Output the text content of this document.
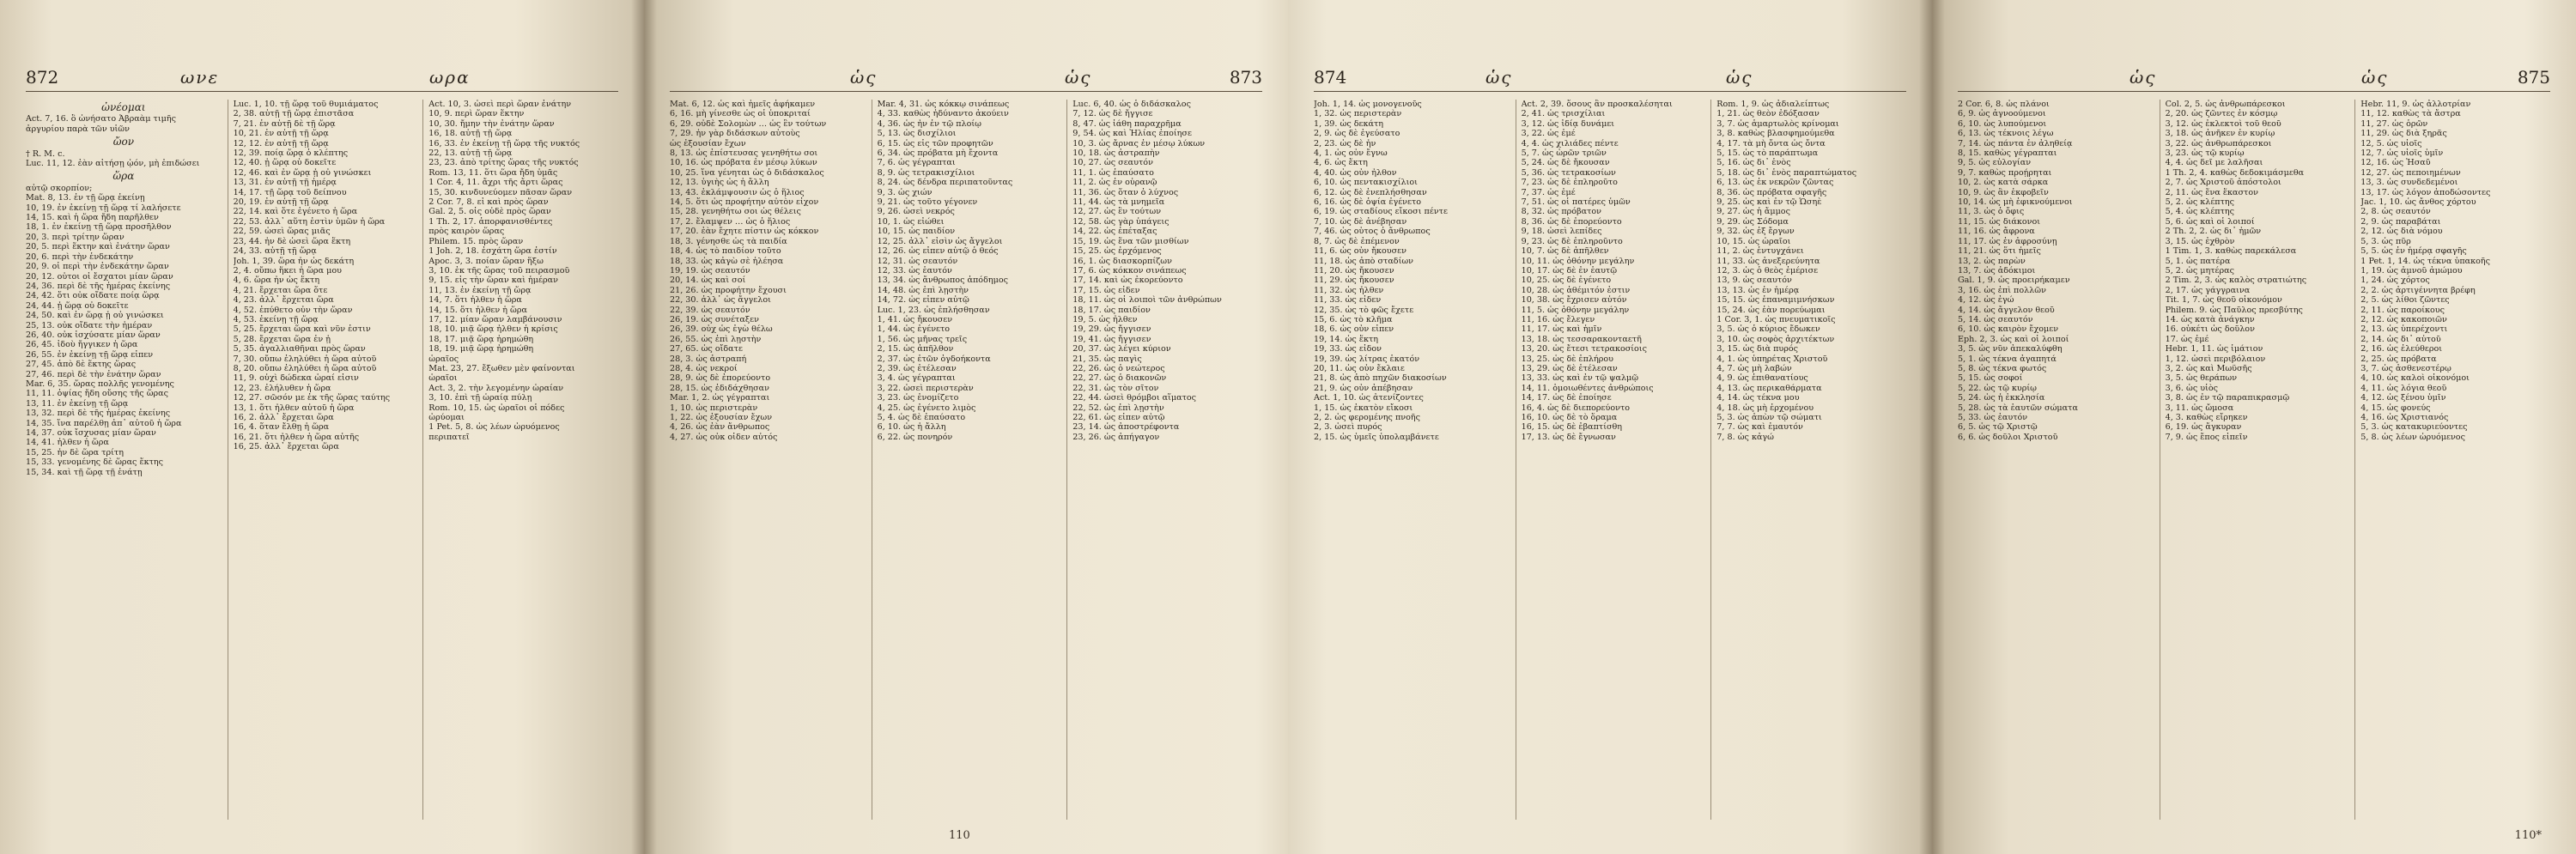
872	ωνε	ωρα
ὠνέομαι
Act. 7, 16. ὃ ὠνήσατο Ἀβραὰμ τιμῆς
ἀργυρίου παρὰ τῶν υἱῶν
ὤον
† R. M. c.
Luc. 11, 12. ἐὰν αἰτήσῃ ᾠόν, μὴ ἐπιδώσει
ὥρα
αὐτῷ σκορπίον;
Mat. 8, 13. ἐν τῇ ὥρᾳ ἐκείνῃ
10, 19. ἐν ἐκείνῃ τῇ ὥρᾳ τί λαλήσετε
14, 15. καὶ ἡ ὥρα ἤδη παρῆλθεν
18, 1. ἐν ἐκείνῃ τῇ ὥρᾳ προσῆλθον
20, 3. περὶ τρίτην ὥραν
20, 5. περὶ ἕκτην καὶ ἐνάτην ὥραν
20, 6. περὶ τὴν ἑνδεκάτην
20, 9. οἱ περὶ τὴν ἑνδεκάτην ὥραν
20, 12. οὗτοι οἱ ἔσχατοι μίαν ὥραν
24, 36. περὶ δὲ τῆς ἡμέρας ἐκείνης
24, 42. ὅτι οὐκ οἴδατε ποίᾳ ὥρᾳ
24, 44. ᾗ ὥρᾳ οὐ δοκεῖτε
24, 50. καὶ ἐν ὥρᾳ ᾗ οὐ γινώσκει
25, 13. οὐκ οἴδατε τὴν ἡμέραν
26, 40. οὐκ ἰσχύσατε μίαν ὥραν
26, 45. ἰδοὺ ἤγγικεν ἡ ὥρα
26, 55. ἐν ἐκείνῃ τῇ ὥρᾳ εἶπεν
27, 45. ἀπὸ δὲ ἕκτης ὥρας
27, 46. περὶ δὲ τὴν ἐνάτην ὥραν
Mar. 6, 35. ὥρας πολλῆς γενομένης
11, 11. ὀψίας ἤδη οὔσης τῆς ὥρας
13, 11. ἐν ἐκείνῃ τῇ ὥρᾳ
13, 32. περὶ δὲ τῆς ἡμέρας ἐκείνης
14, 35. ἵνα παρέλθῃ ἀπ᾿ αὐτοῦ ἡ ὥρα
14, 37. οὐκ ἴσχυσας μίαν ὥραν
14, 41. ἦλθεν ἡ ὥρα
15, 25. ἦν δὲ ὥρα τρίτη
15, 33. γενομένης δὲ ὥρας ἕκτης
15, 34. καὶ τῇ ὥρᾳ τῇ ἐνάτῃ
Luc. 1, 10. τῇ ὥρᾳ τοῦ θυμιάματος
2, 38. αὐτῇ τῇ ὥρᾳ ἐπιστᾶσα
7, 21. ἐν αὐτῇ δὲ τῇ ὥρᾳ
10, 21. ἐν αὐτῇ τῇ ὥρᾳ
12, 12. ἐν αὐτῇ τῇ ὥρᾳ
12, 39. ποίᾳ ὥρᾳ ὁ κλέπτης
12, 40. ᾗ ὥρᾳ οὐ δοκεῖτε
12, 46. καὶ ἐν ὥρᾳ ᾗ οὐ γινώσκει
13, 31. ἐν αὐτῇ τῇ ἡμέρᾳ
14, 17. τῇ ὥρᾳ τοῦ δείπνου
20, 19. ἐν αὐτῇ τῇ ὥρᾳ
22, 14. καὶ ὅτε ἐγένετο ἡ ὥρα
22, 53. ἀλλ᾿ αὕτη ἐστὶν ὑμῶν ἡ ὥρα
22, 59. ὡσεὶ ὥρας μιᾶς
23, 44. ἦν δὲ ὡσεὶ ὥρα ἕκτη
24, 33. αὐτῇ τῇ ὥρᾳ
Joh. 1, 39. ὥρα ἦν ὡς δεκάτη
2, 4. οὔπω ἥκει ἡ ὥρα μου
4, 6. ὥρα ἦν ὡς ἕκτη
4, 21. ἔρχεται ὥρα ὅτε
4, 23. ἀλλ᾿ ἔρχεται ὥρα
4, 52. ἐπύθετο οὖν τὴν ὥραν
4, 53. ἐκείνῃ τῇ ὥρᾳ
5, 25. ἔρχεται ὥρα καὶ νῦν ἐστιν
5, 28. ἔρχεται ὥρα ἐν ᾗ
5, 35. ἀγαλλιαθῆναι πρὸς ὥραν
7, 30. οὔπω ἐληλύθει ἡ ὥρα αὐτοῦ
8, 20. οὔπω ἐληλύθει ἡ ὥρα αὐτοῦ
11, 9. οὐχὶ δώδεκα ὧραί εἰσιν
12, 23. ἐλήλυθεν ἡ ὥρα
12, 27. σῶσόν με ἐκ τῆς ὥρας ταύτης
13, 1. ὅτι ἦλθεν αὐτοῦ ἡ ὥρα
16, 2. ἀλλ᾿ ἔρχεται ὥρα
16, 4. ὅταν ἔλθῃ ἡ ὥρα
16, 21. ὅτι ἦλθεν ἡ ὥρα αὐτῆς
16, 25. ἀλλ᾿ ἔρχεται ὥρα
Act. 10, 3. ὡσεὶ περὶ ὥραν ἐνάτην
10, 9. περὶ ὥραν ἕκτην
10, 30. ἤμην τὴν ἐνάτην ὥραν
16, 18. αὐτῇ τῇ ὥρᾳ
16, 33. ἐν ἐκείνῃ τῇ ὥρᾳ τῆς νυκτός
22, 13. αὐτῇ τῇ ὥρᾳ
23, 23. ἀπὸ τρίτης ὥρας τῆς νυκτός
Rom. 13, 11. ὅτι ὥρα ἤδη ὑμᾶς
1 Cor. 4, 11. ἄχρι τῆς ἄρτι ὥρας
15, 30. κινδυνεύομεν πᾶσαν ὥραν
2 Cor. 7, 8. εἰ καὶ πρὸς ὥραν
Gal. 2, 5. οἷς οὐδὲ πρὸς ὥραν
1 Th. 2, 17. ἀπορφανισθέντες
πρὸς καιρὸν ὥρας
Philem. 15. πρὸς ὥραν
1 Joh. 2, 18. ἐσχάτη ὥρα ἐστίν
Apoc. 3, 3. ποίαν ὥραν ἥξω
3, 10. ἐκ τῆς ὥρας τοῦ πειρασμοῦ
9, 15. εἰς τὴν ὥραν καὶ ἡμέραν
11, 13. ἐν ἐκείνῃ τῇ ὥρᾳ
14, 7. ὅτι ἦλθεν ἡ ὥρα
14, 15. ὅτι ἦλθεν ἡ ὥρα
17, 12. μίαν ὥραν λαμβάνουσιν
18, 10. μιᾷ ὥρᾳ ἦλθεν ἡ κρίσις
18, 17. μιᾷ ὥρᾳ ἠρημώθη
18, 19. μιᾷ ὥρᾳ ἠρημώθη
ὡραῖος
Mat. 23, 27. ἔξωθεν μὲν φαίνονται
ὡραῖοι
Act. 3, 2. τὴν λεγομένην ὡραίαν
3, 10. ἐπὶ τῇ ὡραίᾳ πύλῃ
Rom. 10, 15. ὡς ὡραῖοι οἱ πόδες
ὠρύομαι
1 Pet. 5, 8. ὡς λέων ὠρυόμενος
περιπατεῖ
ὡς	ὡς	873
Mat. 6, 12. ὡς καὶ ἡμεῖς ἀφήκαμεν
6, 16. μὴ γίνεσθε ὡς οἱ ὑποκριταί
6, 29. οὐδὲ Σολομὼν … ὡς ἓν τούτων
7, 29. ἦν γὰρ διδάσκων αὐτοὺς
ὡς ἐξουσίαν ἔχων
8, 13. ὡς ἐπίστευσας γενηθήτω σοι
10, 16. ὡς πρόβατα ἐν μέσῳ λύκων
10, 25. ἵνα γένηται ὡς ὁ διδάσκαλος
12, 13. ὑγιὴς ὡς ἡ ἄλλη
13, 43. ἐκλάμψουσιν ὡς ὁ ἥλιος
14, 5. ὅτι ὡς προφήτην αὐτὸν εἶχον
15, 28. γενηθήτω σοι ὡς θέλεις
17, 2. ἔλαμψεν … ὡς ὁ ἥλιος
17, 20. ἐὰν ἔχητε πίστιν ὡς κόκκον
18, 3. γένησθε ὡς τὰ παιδία
18, 4. ὡς τὸ παιδίον τοῦτο
18, 33. ὡς κἀγὼ σὲ ἠλέησα
19, 19. ὡς σεαυτόν
20, 14. ὡς καὶ σοί
21, 26. ὡς προφήτην ἔχουσι
22, 30. ἀλλ᾿ ὡς ἄγγελοι
22, 39. ὡς σεαυτόν
26, 19. ὡς συνέταξεν
26, 39. οὐχ ὡς ἐγὼ θέλω
26, 55. ὡς ἐπὶ λῃστὴν
27, 65. ὡς οἴδατε
28, 3. ὡς ἀστραπή
28, 4. ὡς νεκροί
28, 9. ὡς δὲ ἐπορεύοντο
28, 15. ὡς ἐδιδάχθησαν
Mar. 1, 2. ὡς γέγραπται
1, 10. ὡς περιστερὰν
1, 22. ὡς ἐξουσίαν ἔχων
4, 26. ὡς ἐὰν ἄνθρωπος
4, 27. ὡς οὐκ οἶδεν αὐτός
Mar. 4, 31. ὡς κόκκῳ σινάπεως
4, 33. καθὼς ἠδύναντο ἀκούειν
4, 36. ὡς ἦν ἐν τῷ πλοίῳ
5, 13. ὡς δισχίλιοι
6, 15. ὡς εἷς τῶν προφητῶν
6, 34. ὡς πρόβατα μὴ ἔχοντα
7, 6. ὡς γέγραπται
8, 9. ὡς τετρακισχίλιοι
8, 24. ὡς δένδρα περιπατοῦντας
9, 3. ὡς χιών
9, 21. ὡς τοῦτο γέγονεν
9, 26. ὡσεὶ νεκρός
10, 1. ὡς εἰώθει
10, 15. ὡς παιδίον
12, 25. ἀλλ᾿ εἰσὶν ὡς ἄγγελοι
12, 26. ὡς εἶπεν αὐτῷ ὁ θεός
12, 31. ὡς σεαυτόν
12, 33. ὡς ἑαυτόν
13, 34. ὡς ἄνθρωπος ἀπόδημος
14, 48. ὡς ἐπὶ λῃστὴν
14, 72. ὡς εἶπεν αὐτῷ
Luc. 1, 23. ὡς ἐπλήσθησαν
1, 41. ὡς ἤκουσεν
1, 44. ὡς ἐγένετο
1, 56. ὡς μῆνας τρεῖς
2, 15. ὡς ἀπῆλθον
2, 37. ὡς ἐτῶν ὀγδοήκοντα
2, 39. ὡς ἐτέλεσαν
3, 4. ὡς γέγραπται
3, 22. ὡσεὶ περιστερὰν
3, 23. ὡς ἐνομίζετο
4, 25. ὡς ἐγένετο λιμὸς
5, 4. ὡς δὲ ἐπαύσατο
6, 10. ὡς ἡ ἄλλη
6, 22. ὡς πονηρόν
Luc. 6, 40. ὡς ὁ διδάσκαλος
7, 12. ὡς δὲ ἤγγισε
8, 47. ὡς ἰάθη παραχρῆμα
9, 54. ὡς καὶ Ἠλίας ἐποίησε
10, 3. ὡς ἄρνας ἐν μέσῳ λύκων
10, 18. ὡς ἀστραπὴν
10, 27. ὡς σεαυτόν
11, 1. ὡς ἐπαύσατο
11, 2. ὡς ἐν οὐρανῷ
11, 36. ὡς ὅταν ὁ λύχνος
11, 44. ὡς τὰ μνημεῖα
12, 27. ὡς ἓν τούτων
12, 58. ὡς γὰρ ὑπάγεις
14, 22. ὡς ἐπέταξας
15, 19. ὡς ἕνα τῶν μισθίων
15, 25. ὡς ἐρχόμενος
16, 1. ὡς διασκορπίζων
17, 6. ὡς κόκκον σινάπεως
17, 14. καὶ ὡς ἐκορεύοντο
17, 15. ὡς εἶδεν
18, 11. ὡς οἱ λοιποὶ τῶν ἀνθρώπων
18, 17. ὡς παιδίον
19, 5. ὡς ἦλθεν
19, 29. ὡς ἤγγισεν
19, 41. ὡς ἤγγισεν
20, 37. ὡς λέγει κύριον
21, 35. ὡς παγὶς
22, 26. ὡς ὁ νεώτερος
22, 27. ὡς ὁ διακονῶν
22, 31. ὡς τὸν σῖτον
22, 44. ὡσεὶ θρόμβοι αἵματος
22, 52. ὡς ἐπὶ λῃστὴν
22, 61. ὡς εἶπεν αὐτῷ
23, 14. ὡς ἀποστρέφοντα
23, 26. ὡς ἀπήγαγον
110
874	ὡς	ὡς
Joh. 1, 14. ὡς μονογενοῦς
1, 32. ὡς περιστερὰν
1, 39. ὡς δεκάτη
2, 9. ὡς δὲ ἐγεύσατο
2, 23. ὡς δὲ ἦν
4, 1. ὡς οὖν ἔγνω
4, 6. ὡς ἕκτη
4, 40. ὡς οὖν ἦλθον
6, 10. ὡς πεντακισχίλιοι
6, 12. ὡς δὲ ἐνεπλήσθησαν
6, 16. ὡς δὲ ὀψία ἐγένετο
6, 19. ὡς σταδίους εἴκοσι πέντε
7, 10. ὡς δὲ ἀνέβησαν
7, 46. ὡς οὗτος ὁ ἄνθρωπος
8, 7. ὡς δὲ ἐπέμενον
11, 6. ὡς οὖν ἤκουσεν
11, 18. ὡς ἀπὸ σταδίων
11, 20. ὡς ἤκουσεν
11, 29. ὡς ἤκουσεν
11, 32. ὡς ἦλθεν
11, 33. ὡς εἶδεν
12, 35. ὡς τὸ φῶς ἔχετε
15, 6. ὡς τὸ κλῆμα
18, 6. ὡς οὖν εἶπεν
19, 14. ὡς ἕκτη
19, 33. ὡς εἶδον
19, 39. ὡς λίτρας ἑκατόν
20, 11. ὡς οὖν ἔκλαιε
21, 8. ὡς ἀπὸ πηχῶν διακοσίων
21, 9. ὡς οὖν ἀπέβησαν
Act. 1, 10. ὡς ἀτενίζοντες
1, 15. ὡς ἑκατὸν εἴκοσι
2, 2. ὡς φερομένης πνοῆς
2, 3. ὡσεὶ πυρός
2, 15. ὡς ὑμεῖς ὑπολαμβάνετε
Act. 2, 39. ὅσους ἂν προσκαλέσηται
2, 41. ὡς τρισχίλιαι
3, 12. ὡς ἰδίᾳ δυνάμει
3, 22. ὡς ἐμέ
4, 4. ὡς χιλιάδες πέντε
5, 7. ὡς ὡρῶν τριῶν
5, 24. ὡς δὲ ἤκουσαν
5, 36. ὡς τετρακοσίων
7, 23. ὡς δὲ ἐπληροῦτο
7, 37. ὡς ἐμέ
7, 51. ὡς οἱ πατέρες ὑμῶν
8, 32. ὡς πρόβατον
8, 36. ὡς δὲ ἐπορεύοντο
9, 18. ὡσεὶ λεπίδες
9, 23. ὡς δὲ ἐπληροῦντο
10, 7. ὡς δὲ ἀπῆλθεν
10, 11. ὡς ὀθόνην μεγάλην
10, 17. ὡς δὲ ἐν ἑαυτῷ
10, 25. ὡς δὲ ἐγένετο
10, 28. ὡς ἀθέμιτόν ἐστιν
10, 38. ὡς ἔχρισεν αὐτόν
11, 5. ὡς ὀθόνην μεγάλην
11, 16. ὡς ἔλεγεν
11, 17. ὡς καὶ ἡμῖν
13, 18. ὡς τεσσαρακονταετῆ
13, 20. ὡς ἔτεσι τετρακοσίοις
13, 25. ὡς δὲ ἐπλήρου
13, 29. ὡς δὲ ἐτέλεσαν
13, 33. ὡς καὶ ἐν τῷ ψαλμῷ
14, 11. ὁμοιωθέντες ἀνθρώποις
14, 17. ὡς δὲ ἐποίησε
16, 4. ὡς δὲ διεπορεύοντο
16, 10. ὡς δὲ τὸ ὅραμα
16, 15. ὡς δὲ ἐβαπτίσθη
17, 13. ὡς δὲ ἔγνωσαν
Rom. 1, 9. ὡς ἀδιαλείπτως
1, 21. ὡς θεὸν ἐδόξασαν
3, 7. ὡς ἁμαρτωλὸς κρίνομαι
3, 8. καθὼς βλασφημούμεθα
4, 17. τὰ μὴ ὄντα ὡς ὄντα
5, 15. ὡς τὸ παράπτωμα
5, 16. ὡς δι᾿ ἑνὸς
5, 18. ὡς δι᾿ ἑνὸς παραπτώματος
6, 13. ὡς ἐκ νεκρῶν ζῶντας
8, 36. ὡς πρόβατα σφαγῆς
9, 25. ὡς καὶ ἐν τῷ Ὡσηὲ
9, 27. ὡς ἡ ἄμμος
9, 29. ὡς Σόδομα
9, 32. ὡς ἐξ ἔργων
10, 15. ὡς ὡραῖοι
11, 2. ὡς ἐντυγχάνει
11, 33. ὡς ἀνεξερεύνητα
12, 3. ὡς ὁ θεὸς ἐμέρισε
13, 9. ὡς σεαυτόν
13, 13. ὡς ἐν ἡμέρᾳ
15, 15. ὡς ἐπαναμιμνήσκων
15, 24. ὡς ἐὰν πορεύωμαι
1 Cor. 3, 1. ὡς πνευματικοῖς
3, 5. ὡς ὁ κύριος ἔδωκεν
3, 10. ὡς σοφὸς ἀρχιτέκτων
3, 15. ὡς διὰ πυρός
4, 1. ὡς ὑπηρέτας Χριστοῦ
4, 7. ὡς μὴ λαβών
4, 9. ὡς ἐπιθανατίους
4, 13. ὡς περικαθάρματα
4, 14. ὡς τέκνα μου
4, 18. ὡς μὴ ἐρχομένου
5, 3. ὡς ἀπὼν τῷ σώματι
7, 7. ὡς καὶ ἐμαυτόν
7, 8. ὡς κἀγώ
ὡς	ὡς	875
2 Cor. 6, 8. ὡς πλάνοι
6, 9. ὡς ἀγνοούμενοι
6, 10. ὡς λυπούμενοι
6, 13. ὡς τέκνοις λέγω
7, 14. ὡς πάντα ἐν ἀληθείᾳ
8, 15. καθὼς γέγραπται
9, 5. ὡς εὐλογίαν
9, 7. καθὼς προῄρηται
10, 2. ὡς κατὰ σάρκα
10, 9. ὡς ἂν ἐκφοβεῖν
10, 14. ὡς μὴ ἐφικνούμενοι
11, 3. ὡς ὁ ὄφις
11, 15. ὡς διάκονοι
11, 16. ὡς ἄφρονα
11, 17. ὡς ἐν ἀφροσύνῃ
11, 21. ὡς ὅτι ἡμεῖς
13, 2. ὡς παρὼν
13, 7. ὡς ἀδόκιμοι
Gal. 1, 9. ὡς προειρήκαμεν
3, 16. ὡς ἐπὶ πολλῶν
4, 12. ὡς ἐγώ
4, 14. ὡς ἄγγελον θεοῦ
5, 14. ὡς σεαυτόν
6, 10. ὡς καιρὸν ἔχομεν
Eph. 2, 3. ὡς καὶ οἱ λοιποί
3, 5. ὡς νῦν ἀπεκαλύφθη
5, 1. ὡς τέκνα ἀγαπητά
5, 8. ὡς τέκνα φωτός
5, 15. ὡς σοφοί
5, 22. ὡς τῷ κυρίῳ
5, 24. ὡς ἡ ἐκκλησία
5, 28. ὡς τὰ ἑαυτῶν σώματα
5, 33. ὡς ἑαυτόν
6, 5. ὡς τῷ Χριστῷ
6, 6. ὡς δοῦλοι Χριστοῦ
Col. 2, 5. ὡς ἀνθρωπάρεσκοι
2, 20. ὡς ζῶντες ἐν κόσμῳ
3, 12. ὡς ἐκλεκτοὶ τοῦ θεοῦ
3, 18. ὡς ἀνῆκεν ἐν κυρίῳ
3, 22. ὡς ἀνθρωπάρεσκοι
3, 23. ὡς τῷ κυρίῳ
4, 4. ὡς δεῖ με λαλῆσαι
1 Th. 2, 4. καθὼς δεδοκιμάσμεθα
2, 7. ὡς Χριστοῦ ἀπόστολοι
2, 11. ὡς ἕνα ἕκαστον
5, 2. ὡς κλέπτης
5, 4. ὡς κλέπτης
5, 6. ὡς καὶ οἱ λοιποί
2 Th. 2, 2. ὡς δι᾿ ἡμῶν
3, 15. ὡς ἐχθρὸν
1 Tim. 1, 3. καθὼς παρεκάλεσα
5, 1. ὡς πατέρα
5, 2. ὡς μητέρας
2 Tim. 2, 3. ὡς καλὸς στρατιώτης
2, 17. ὡς γάγγραινα
Tit. 1, 7. ὡς θεοῦ οἰκονόμον
Philem. 9. ὡς Παῦλος πρεσβύτης
14. ὡς κατὰ ἀνάγκην
16. οὐκέτι ὡς δοῦλον
17. ὡς ἐμέ
Hebr. 1, 11. ὡς ἱμάτιον
1, 12. ὡσεὶ περιβόλαιον
3, 2. ὡς καὶ Μωϋσῆς
3, 5. ὡς θεράπων
3, 6. ὡς υἱὸς
3, 8. ὡς ἐν τῷ παραπικρασμῷ
3, 11. ὡς ὤμοσα
4, 3. καθὼς εἴρηκεν
6, 19. ὡς ἄγκυραν
7, 9. ὡς ἔπος εἰπεῖν
Hebr. 11, 9. ὡς ἀλλοτρίαν
11, 12. καθὼς τὰ ἄστρα
11, 27. ὡς ὁρῶν
11, 29. ὡς διὰ ξηρᾶς
12, 5. ὡς υἱοῖς
12, 7. ὡς υἱοῖς ὑμῖν
12, 16. ὡς Ἠσαῦ
12, 27. ὡς πεποιημένων
13, 3. ὡς συνδεδεμένοι
13, 17. ὡς λόγον ἀποδώσοντες
Jac. 1, 10. ὡς ἄνθος χόρτου
2, 8. ὡς σεαυτόν
2, 9. ὡς παραβάται
2, 12. ὡς διὰ νόμου
5, 3. ὡς πῦρ
5, 5. ὡς ἐν ἡμέρᾳ σφαγῆς
1 Pet. 1, 14. ὡς τέκνα ὑπακοῆς
1, 19. ὡς ἀμνοῦ ἀμώμου
1, 24. ὡς χόρτος
2, 2. ὡς ἀρτιγέννητα βρέφη
2, 5. ὡς λίθοι ζῶντες
2, 11. ὡς παροίκους
2, 12. ὡς κακοποιῶν
2, 13. ὡς ὑπερέχοντι
2, 14. ὡς δι᾿ αὐτοῦ
2, 16. ὡς ἐλεύθεροι
2, 25. ὡς πρόβατα
3, 7. ὡς ἀσθενεστέρῳ
4, 10. ὡς καλοὶ οἰκονόμοι
4, 11. ὡς λόγια θεοῦ
4, 12. ὡς ξένου ὑμῖν
4, 15. ὡς φονεύς
4, 16. ὡς Χριστιανός
5, 3. ὡς κατακυριεύοντες
5, 8. ὡς λέων ὠρυόμενος
110*
